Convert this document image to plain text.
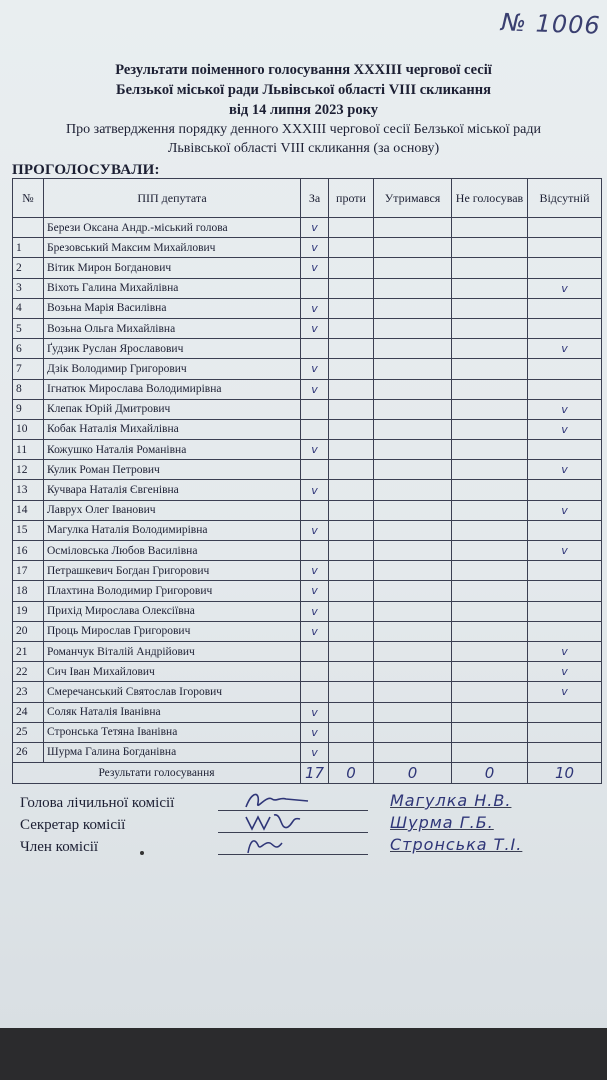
№ 1006
Результати поіменного голосування XXXIII чергової сесії
Белзької міської ради Львівської області VIII скликання
від 14 липня 2023 року
Про затвердження порядку денного XXXIII чергової сесії Белзької міської ради
Львівської області VIII скликання (за основу)
ПРОГОЛОСУВАЛИ:
№	ПІП депутата	За	проти	Утримався	Не голосував	Відсутній
	Берези Оксана Андр.-міський голова	v				
1	Брезовський Максим Михайлович	v				
2	Вітик Мирон Богданович	v				
3	Віхоть Галина Михайлівна					v
4	Возьна Марія Василівна	v				
5	Возьна Ольга Михайлівна	v				
6	Ґудзик Руслан Ярославович					v
7	Дзік Володимир Григорович	v				
8	Ігнатюк Мирослава Володимирівна	v				
9	Клепак Юрій Дмитрович					v
10	Кобак Наталія Михайлівна					v
11	Кожушко Наталія Романівна	v				
12	Кулик Роман Петрович					v
13	Кучвара Наталія Євгенівна	v				
14	Лаврух Олег Іванович					v
15	Магулка Наталія Володимирівна	v				
16	Осміловська Любов Василівна					v
17	Петрашкевич Богдан Григорович	v				
18	Плахтина Володимир Григорович	v				
19	Прихід Мирослава Олексіївна	v				
20	Проць Мирослав Григорович	v				
21	Романчук Віталій Андрійович					v
22	Сич Іван Михайлович					v
23	Смеречанський Святослав Ігорович					v
24	Соляк Наталія Іванівна	v				
25	Стронська Тетяна Іванівна	v				
26	Шурма Галина Богданівна	v				
Результати голосування		17	0	0	0	10
Голова лічильної комісії	Магулка Н.В.
Секретар комісії	Шурма Г.Б.
Член комісії	Стронська Т.І.
